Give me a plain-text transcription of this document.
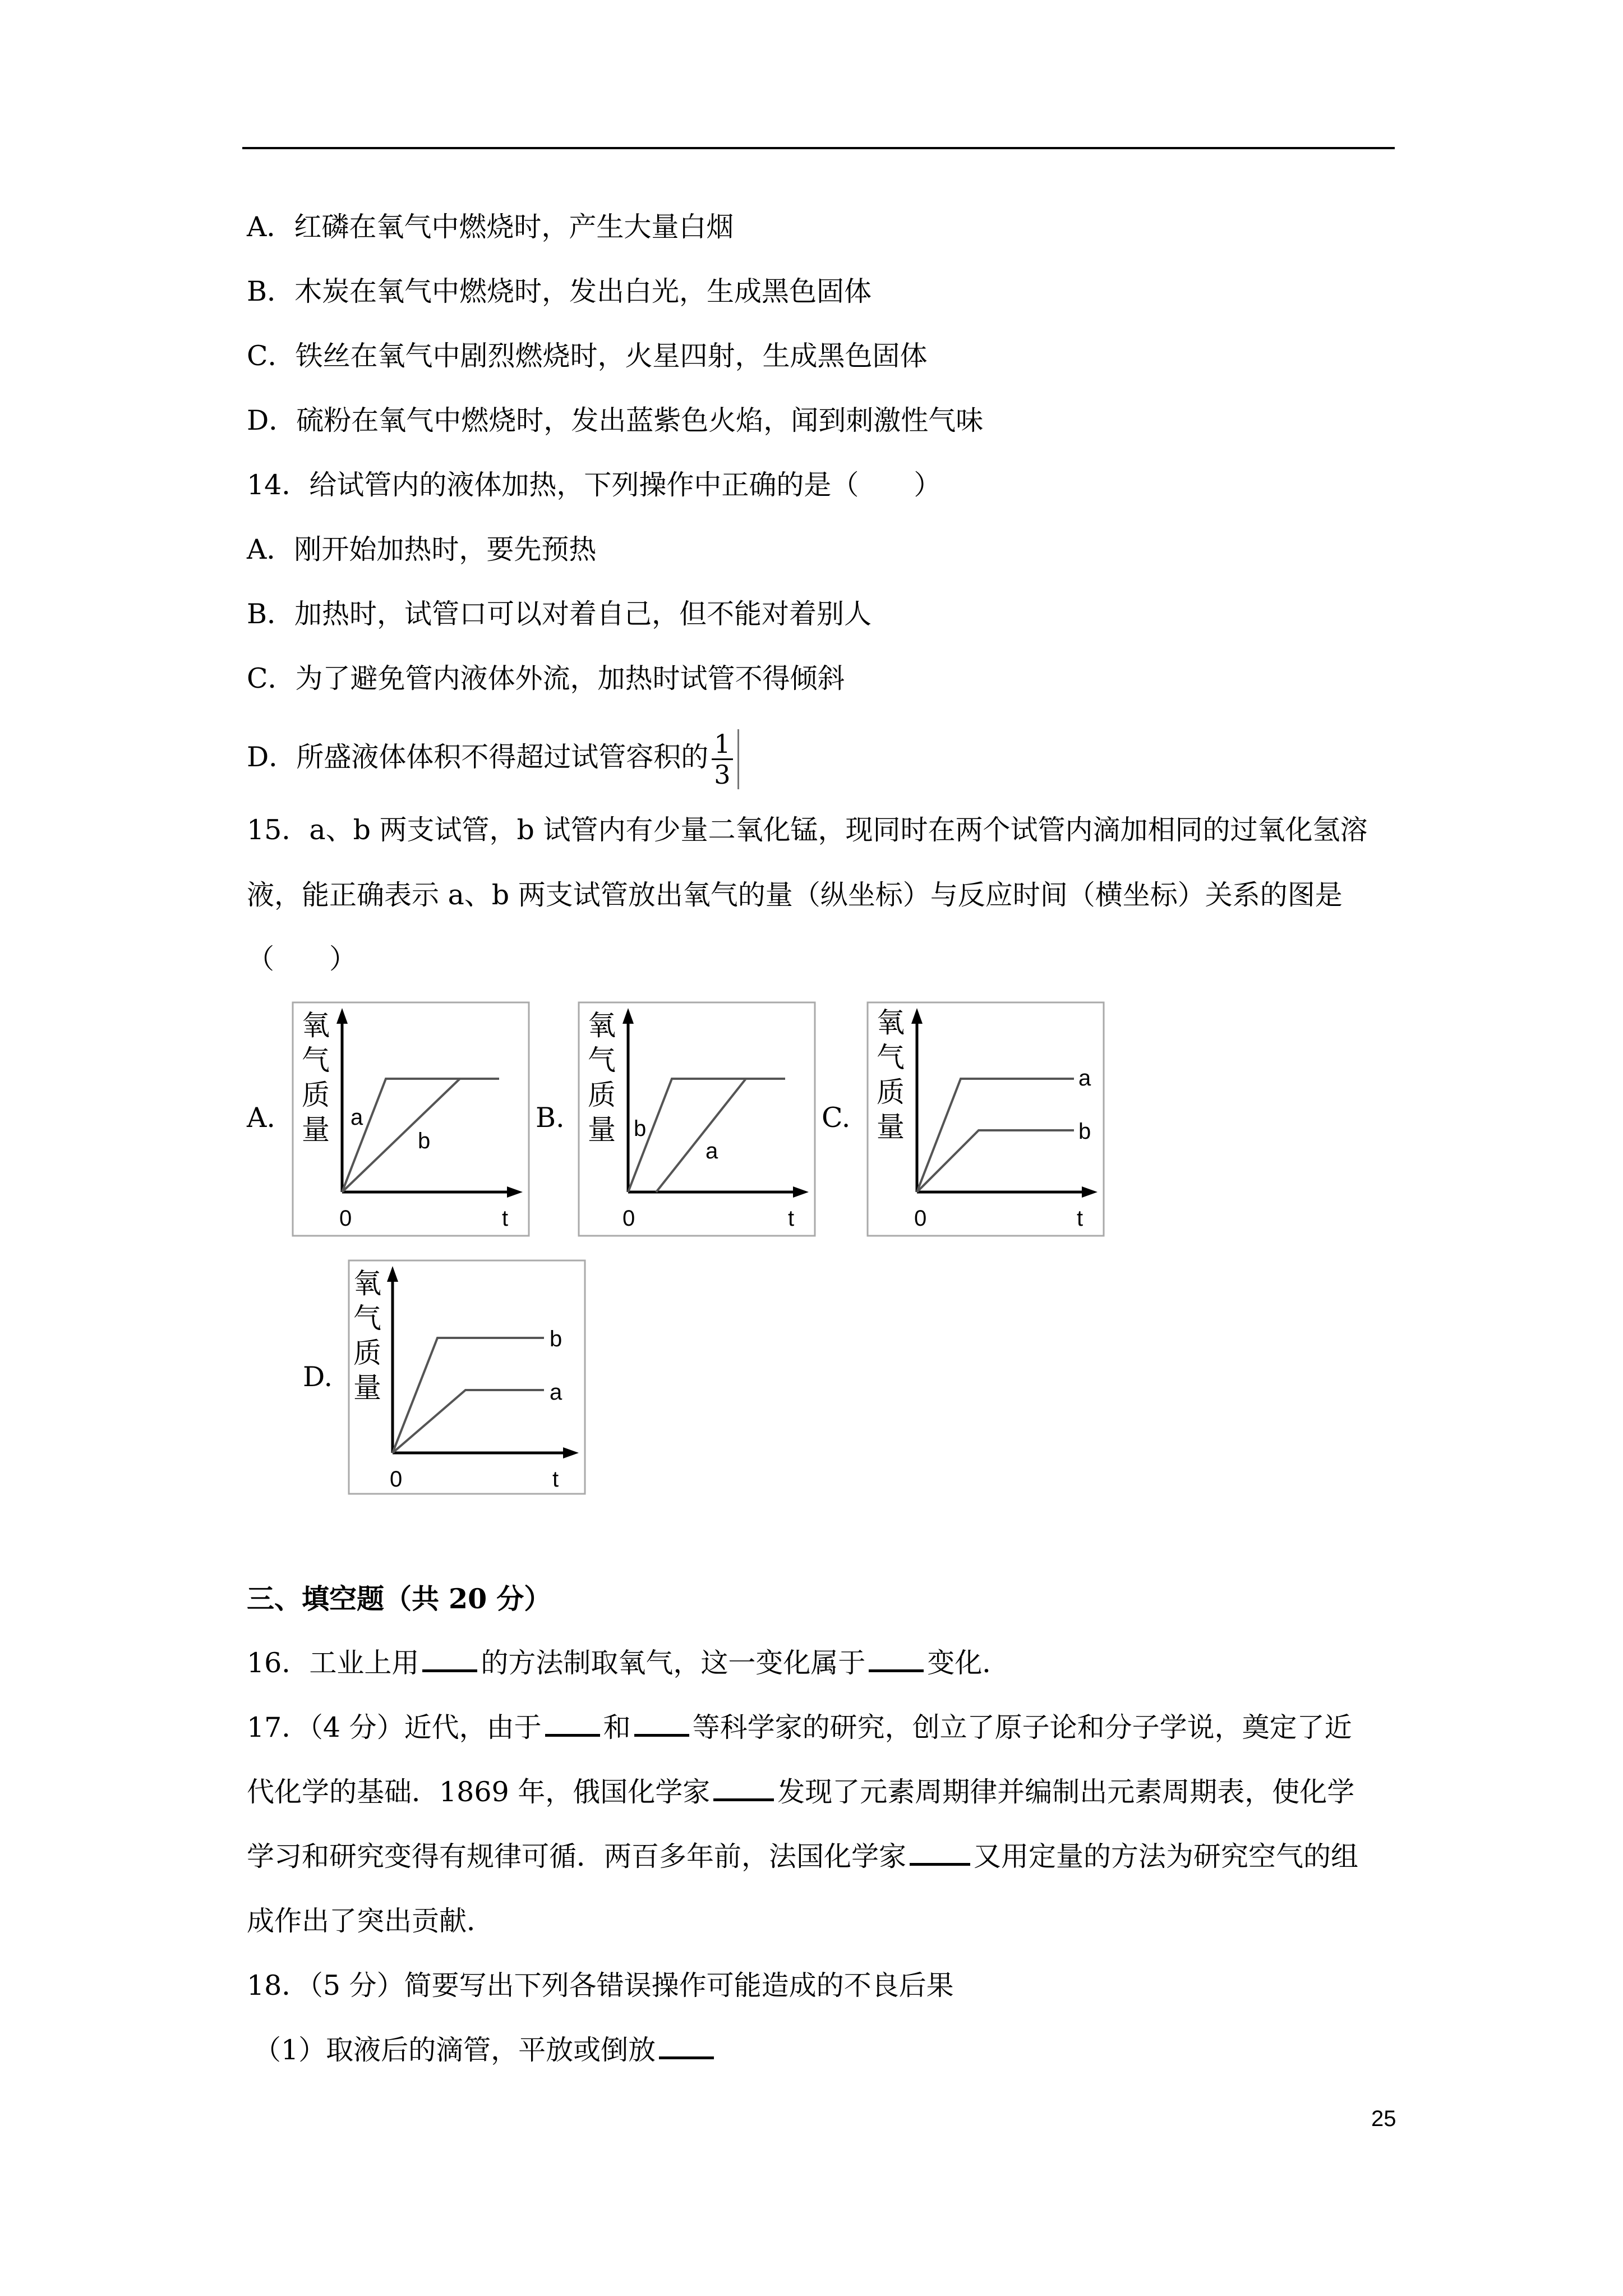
A．红磷在氧气中燃烧时，产生大量白烟
B．木炭在氧气中燃烧时，发出白光，生成黑色固体
C．铁丝在氧气中剧烈燃烧时，火星四射，生成黑色固体
D．硫粉在氧气中燃烧时，发出蓝紫色火焰，闻到刺激性气味
14．给试管内的液体加热，下列操作中正确的是（　　）
A．刚开始加热时，要先预热
B．加热时，试管口可以对着自己，但不能对着别人
C．为了避免管内液体外流，加热时试管不得倾斜
D．所盛液体体积不得超过试管容积的 $\frac{1}{3}$
15．a、b 两支试管，b 试管内有少量二氧化锰，现同时在两个试管内滴加相同的过氧化氢溶
液，能正确表示 a、b 两支试管放出氧气的量（纵坐标）与反应时间（横坐标）关系的图是
（　　）
A.	B.	C.
D.
氧
气
质
量 a
b
0	t
氧
气
质
量 b
a
0	t
氧
气
质
量
a
b
0	t
氧
气
质
量
b
a
0	t
三、填空题（共 20 分）
16．工业上用 的方法制取氧气，这一变化属于 变化．
17．（4 分）近代，由于 和 等科学家的研究，创立了原子论和分子学说，奠定了近
代化学的基础．1869 年，俄国化学家 发现了元素周期律并编制出元素周期表，使化学
学习和研究变得有规律可循．两百多年前，法国化学家 又用定量的方法为研究空气的组
成作出了突出贡献．
18．（5 分）简要写出下列各错误操作可能造成的不良后果
（1）取液后的滴管，平放或倒放
25
